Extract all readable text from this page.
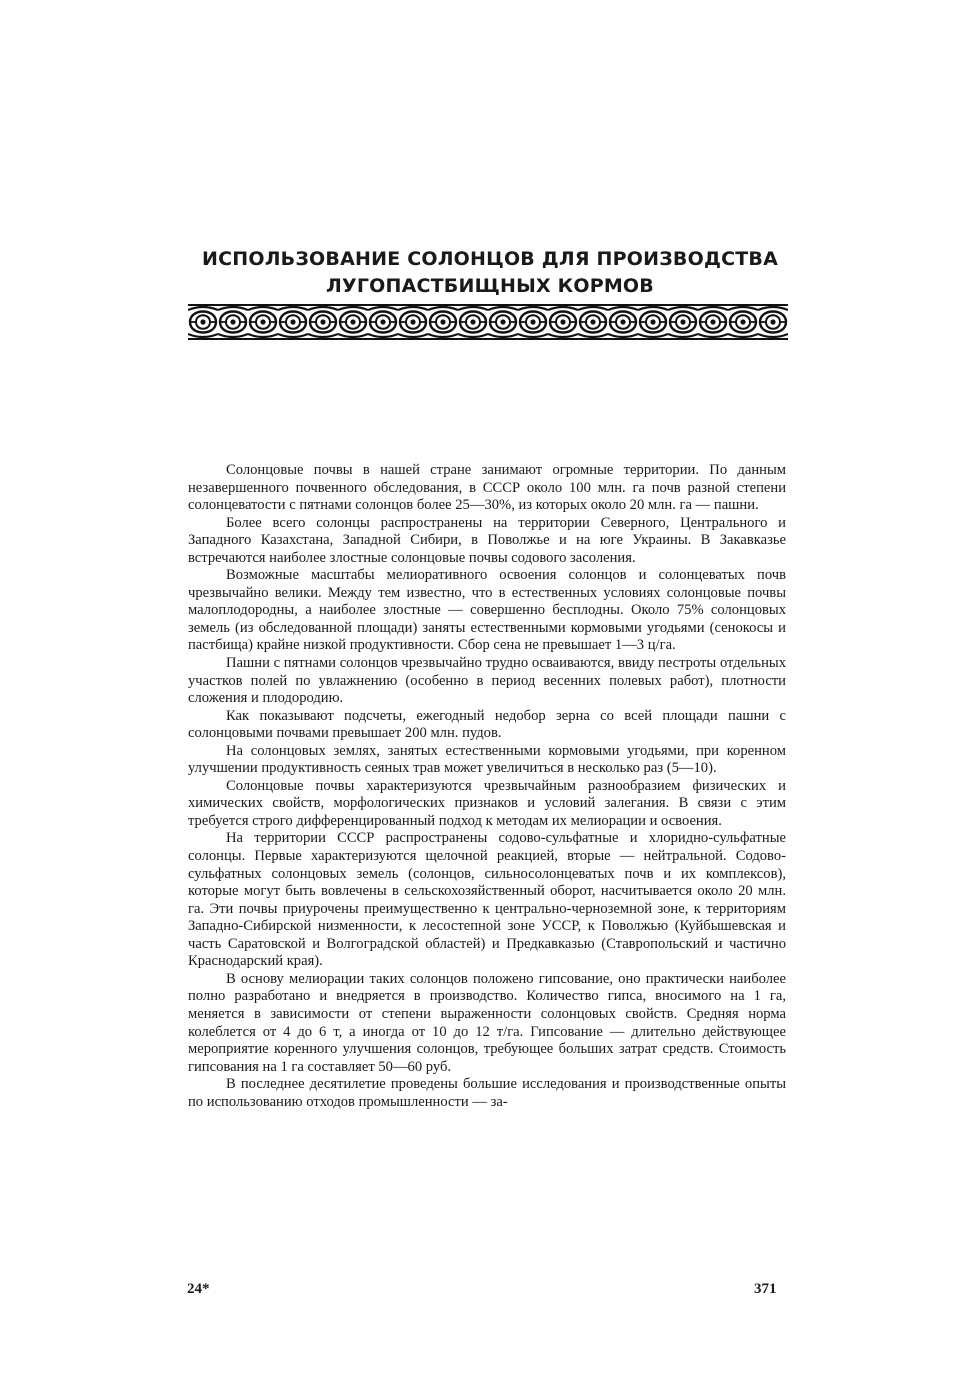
ИСПОЛЬЗОВАНИЕ СОЛОНЦОВ ДЛЯ ПРОИЗВОДСТВА
ЛУГОПАСТБИЩНЫХ КОРМОВ

Солонцовые почвы в нашей стране занимают огромные территории. По данным незавершенного почвенного обследования, в СССР около 100 млн. га почв разной степени солонцеватости с пятнами солонцов более 25—30%, из которых около 20 млн. га — пашни.

Более всего солонцы распространены на территории Северного, Центрального и Западного Казахстана, Западной Сибири, в Поволжье и на юге Украины. В Закавказье встречаются наиболее злостные солонцовые почвы содового засоления.

Возможные масштабы мелиоративного освоения солонцов и солонцеватых почв чрезвычайно велики. Между тем известно, что в естественных условиях солонцовые почвы малоплодородны, а наиболее злостные — совершенно бесплодны. Около 75% солонцовых земель (из обследованной площади) заняты естественными кормовыми угодьями (сенокосы и пастбища) крайне низкой продуктивности. Сбор сена не превышает 1—3 ц/га.

Пашни с пятнами солонцов чрезвычайно трудно осваиваются, ввиду пестроты отдельных участков полей по увлажнению (особенно в период весенних полевых работ), плотности сложения и плодородию.

Как показывают подсчеты, ежегодный недобор зерна со всей площади пашни с солонцовыми почвами превышает 200 млн. пудов.

На солонцовых землях, занятых естественными кормовыми угодьями, при коренном улучшении продуктивность сеяных трав может увеличиться в несколько раз (5—10).

Солонцовые почвы характеризуются чрезвычайным разнообразием физических и химических свойств, морфологических признаков и условий залегания. В связи с этим требуется строго дифференцированный подход к методам их мелиорации и освоения.

На территории СССР распространены содово-сульфатные и хлоридно-сульфатные солонцы. Первые характеризуются щелочной реакцией, вторые — нейтральной. Содово-сульфатных солонцовых земель (солонцов, сильносолонцеватых почв и их комплексов), которые могут быть вовлечены в сельскохозяйственный оборот, насчитывается около 20 млн. га. Эти почвы приурочены преимущественно к центрально-черноземной зоне, к территориям Западно-Сибирской низменности, к лесостепной зоне УССР, к Поволжью (Куйбышевская и часть Саратовской и Волгоградской областей) и Предкавказью (Ставропольский и частично Краснодарский края).

В основу мелиорации таких солонцов положено гипсование, оно практически наиболее полно разработано и внедряется в производство. Количество гипса, вносимого на 1 га, меняется в зависимости от степени выраженности солонцовых свойств. Средняя норма колеблется от 4 до 6 т, а иногда от 10 до 12 т/га. Гипсование — длительно действующее мероприятие коренного улучшения солонцов, требующее больших затрат средств. Стоимость гипсования на 1 га составляет 50—60 руб.

В последнее десятилетие проведены большие исследования и производственные опыты по использованию отходов промышленности — за-

24*	371
